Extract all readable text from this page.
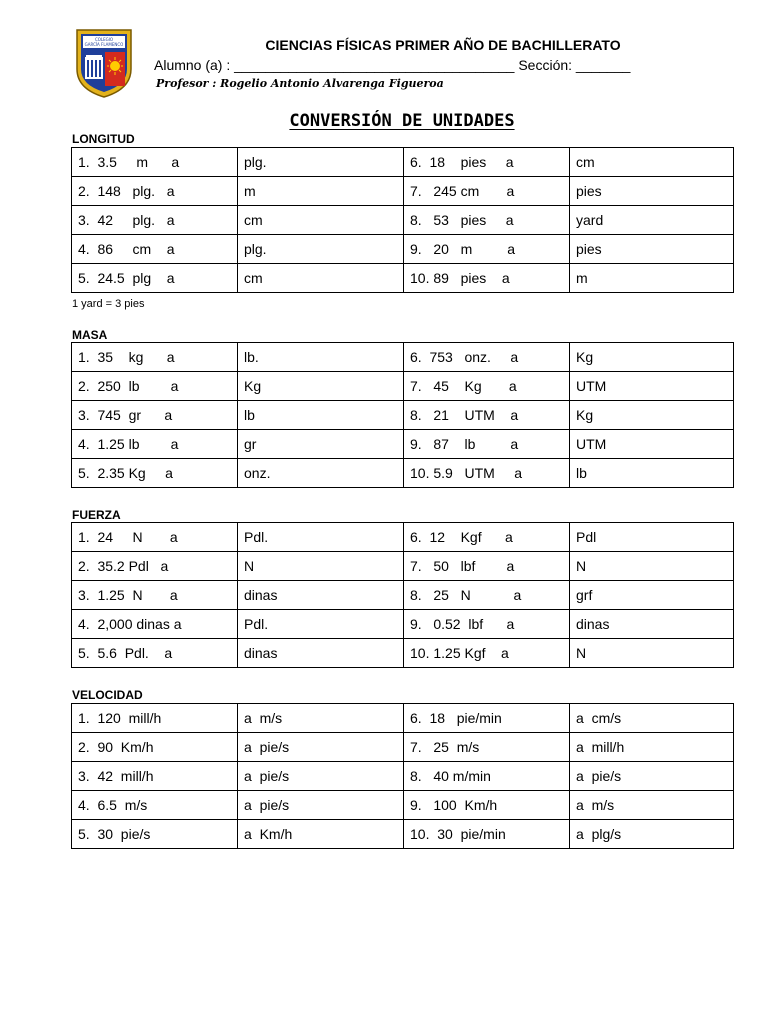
COLEGIO
GARCÍA FLAMENCO	CIENCIAS FÍSICAS PRIMER AÑO DE BACHILLERATO
Alumno (a) : ____________________________________ Sección: _______
Profesor : Rogelio Antonio Alvarenga Figueroa
CONVERSIÓN DE UNIDADES
LONGITUD
1.  3.5     m      a	plg.	6.  18    pies     a	cm
2.  148   plg.   a	m	7.   245 cm       a	pies
3.  42     plg.   a	cm	8.   53   pies     a	yard
4.  86     cm    a	plg.	9.   20   m         a	pies
5.  24.5  plg    a	cm	10. 89   pies    a	m
1 yard = 3 pies
MASA
1.  35    kg      a	lb.	6.  753   onz.     a	Kg
2.  250  lb        a	Kg	7.   45    Kg       a	UTM
3.  745  gr      a	lb	8.   21    UTM    a	Kg
4.  1.25 lb        a	gr	9.   87    lb         a	UTM
5.  2.35 Kg     a	onz.	10. 5.9   UTM     a	lb
FUERZA
1.  24     N       a	Pdl.	6.  12    Kgf      a	Pdl
2.  35.2 Pdl   a	N	7.   50   lbf        a	N
3.  1.25  N       a	dinas	8.   25   N           a	grf
4.  2,000 dinas a	Pdl.	9.   0.52  lbf      a	dinas
5.  5.6  Pdl.    a	dinas	10. 1.25 Kgf    a	N
VELOCIDAD
1.  120  mill/h	a  m/s	6.  18   pie/min	a  cm/s
2.  90  Km/h	a  pie/s	7.   25  m/s	a  mill/h
3.  42  mill/h	a  pie/s	8.   40 m/min	a  pie/s
4.  6.5  m/s	a  pie/s	9.   100  Km/h	a  m/s
5.  30  pie/s	a  Km/h	10.  30  pie/min	a  plg/s
